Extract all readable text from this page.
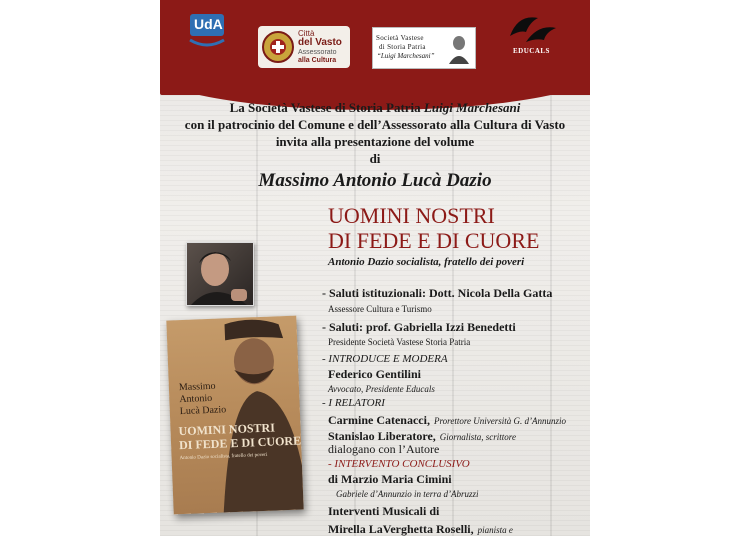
UdA
Città
del Vasto
Assessorato
alla Cultura
Società Vastese
di Storia Patria
“Luigi Marchesani”
EDUCALS
La Società Vastese di Storia Patria Luigi Marchesani
con il patrocinio del Comune e dell’Assessorato alla Cultura di Vasto
invita alla presentazione del volume
di
Massimo Antonio Lucà Dazio
UOMINI NOSTRI
DI FEDE E DI CUORE
Antonio Dazio socialista, fratello dei poveri
Massimo
Antonio
Lucà Dazio
UOMINI NOSTRI
DI FEDE E DI CUORE
Antonio Dazio socialista, fratello dei poveri
- Saluti istituzionali: Dott. Nicola Della Gatta
Assessore Cultura e Turismo
- Saluti: prof. Gabriella Izzi Benedetti
Presidente Società Vastese Storia Patria
- INTRODUCE E MODERA
Federico Gentilini
Avvocato, Presidente Educals
- I RELATORI
Carmine Catenacci, Prorettore Università G. d’Annunzio
Stanislao Liberatore, Giornalista, scrittore
dialogano con l’Autore
- INTERVENTO CONCLUSIVO
di Marzio Maria Cimini
Gabriele d’Annunzio in terra d’Abruzzi
Interventi Musicali di
Mirella LaVerghetta Roselli, pianista e
